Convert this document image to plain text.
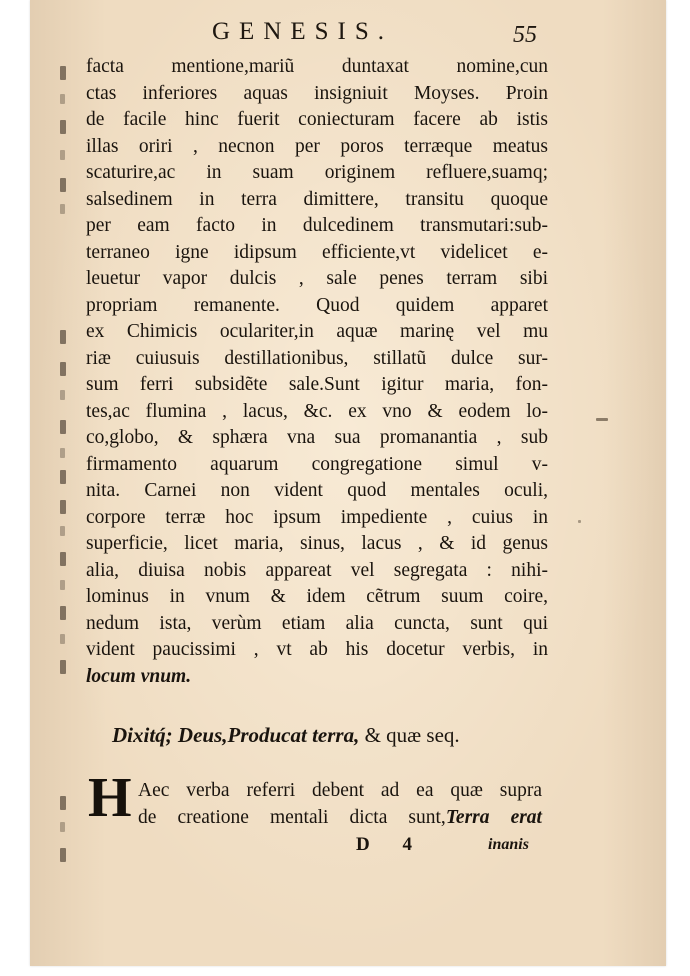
GENESIS.	55
facta mentione,mariũ duntaxat nomine,cun
ctas inferiores aquas insigniuit Moyses. Proin
de facile hinc fuerit coniecturam facere ab istis
illas oriri , necnon per poros terræque meatus
scaturire,ac in suam originem refluere,suamq;
salsedinem in terra dimittere, transitu quoque
per eam facto in dulcedinem transmutari:sub-
terraneo igne idipsum efficiente,vt videlicet e-
leuetur vapor dulcis , sale penes terram sibi
propriam remanente. Quod quidem apparet
ex Chimicis oculariter,in aquæ marinę vel mu
riæ cuiusuis destillationibus, stillatũ dulce sur-
sum ferri subsidẽte sale.Sunt igitur maria, fon-
tes,ac flumina , lacus, &c. ex vno & eodem lo-
co,globo, & sphæra vna sua promanantia , sub
firmamento aquarum congregatione simul v-
nita. Carnei non vident quod mentales oculi,
corpore terræ hoc ipsum impediente , cuius in
superficie, licet maria, sinus, lacus , & id genus
alia, diuisa nobis appareat vel segregata : nihi-
lominus in vnum & idem cẽtrum suum coire,
nedum ista, verùm etiam alia cuncta, sunt qui
vident paucissimi , vt ab his docetur verbis, in
locum vnum.
Dixitq́; Deus,Producat terra, & quæ seq.
H Aec verba referri debent ad ea quæ supra
de creatione mentali dicta sunt,Terra erat
D 4	inanis
